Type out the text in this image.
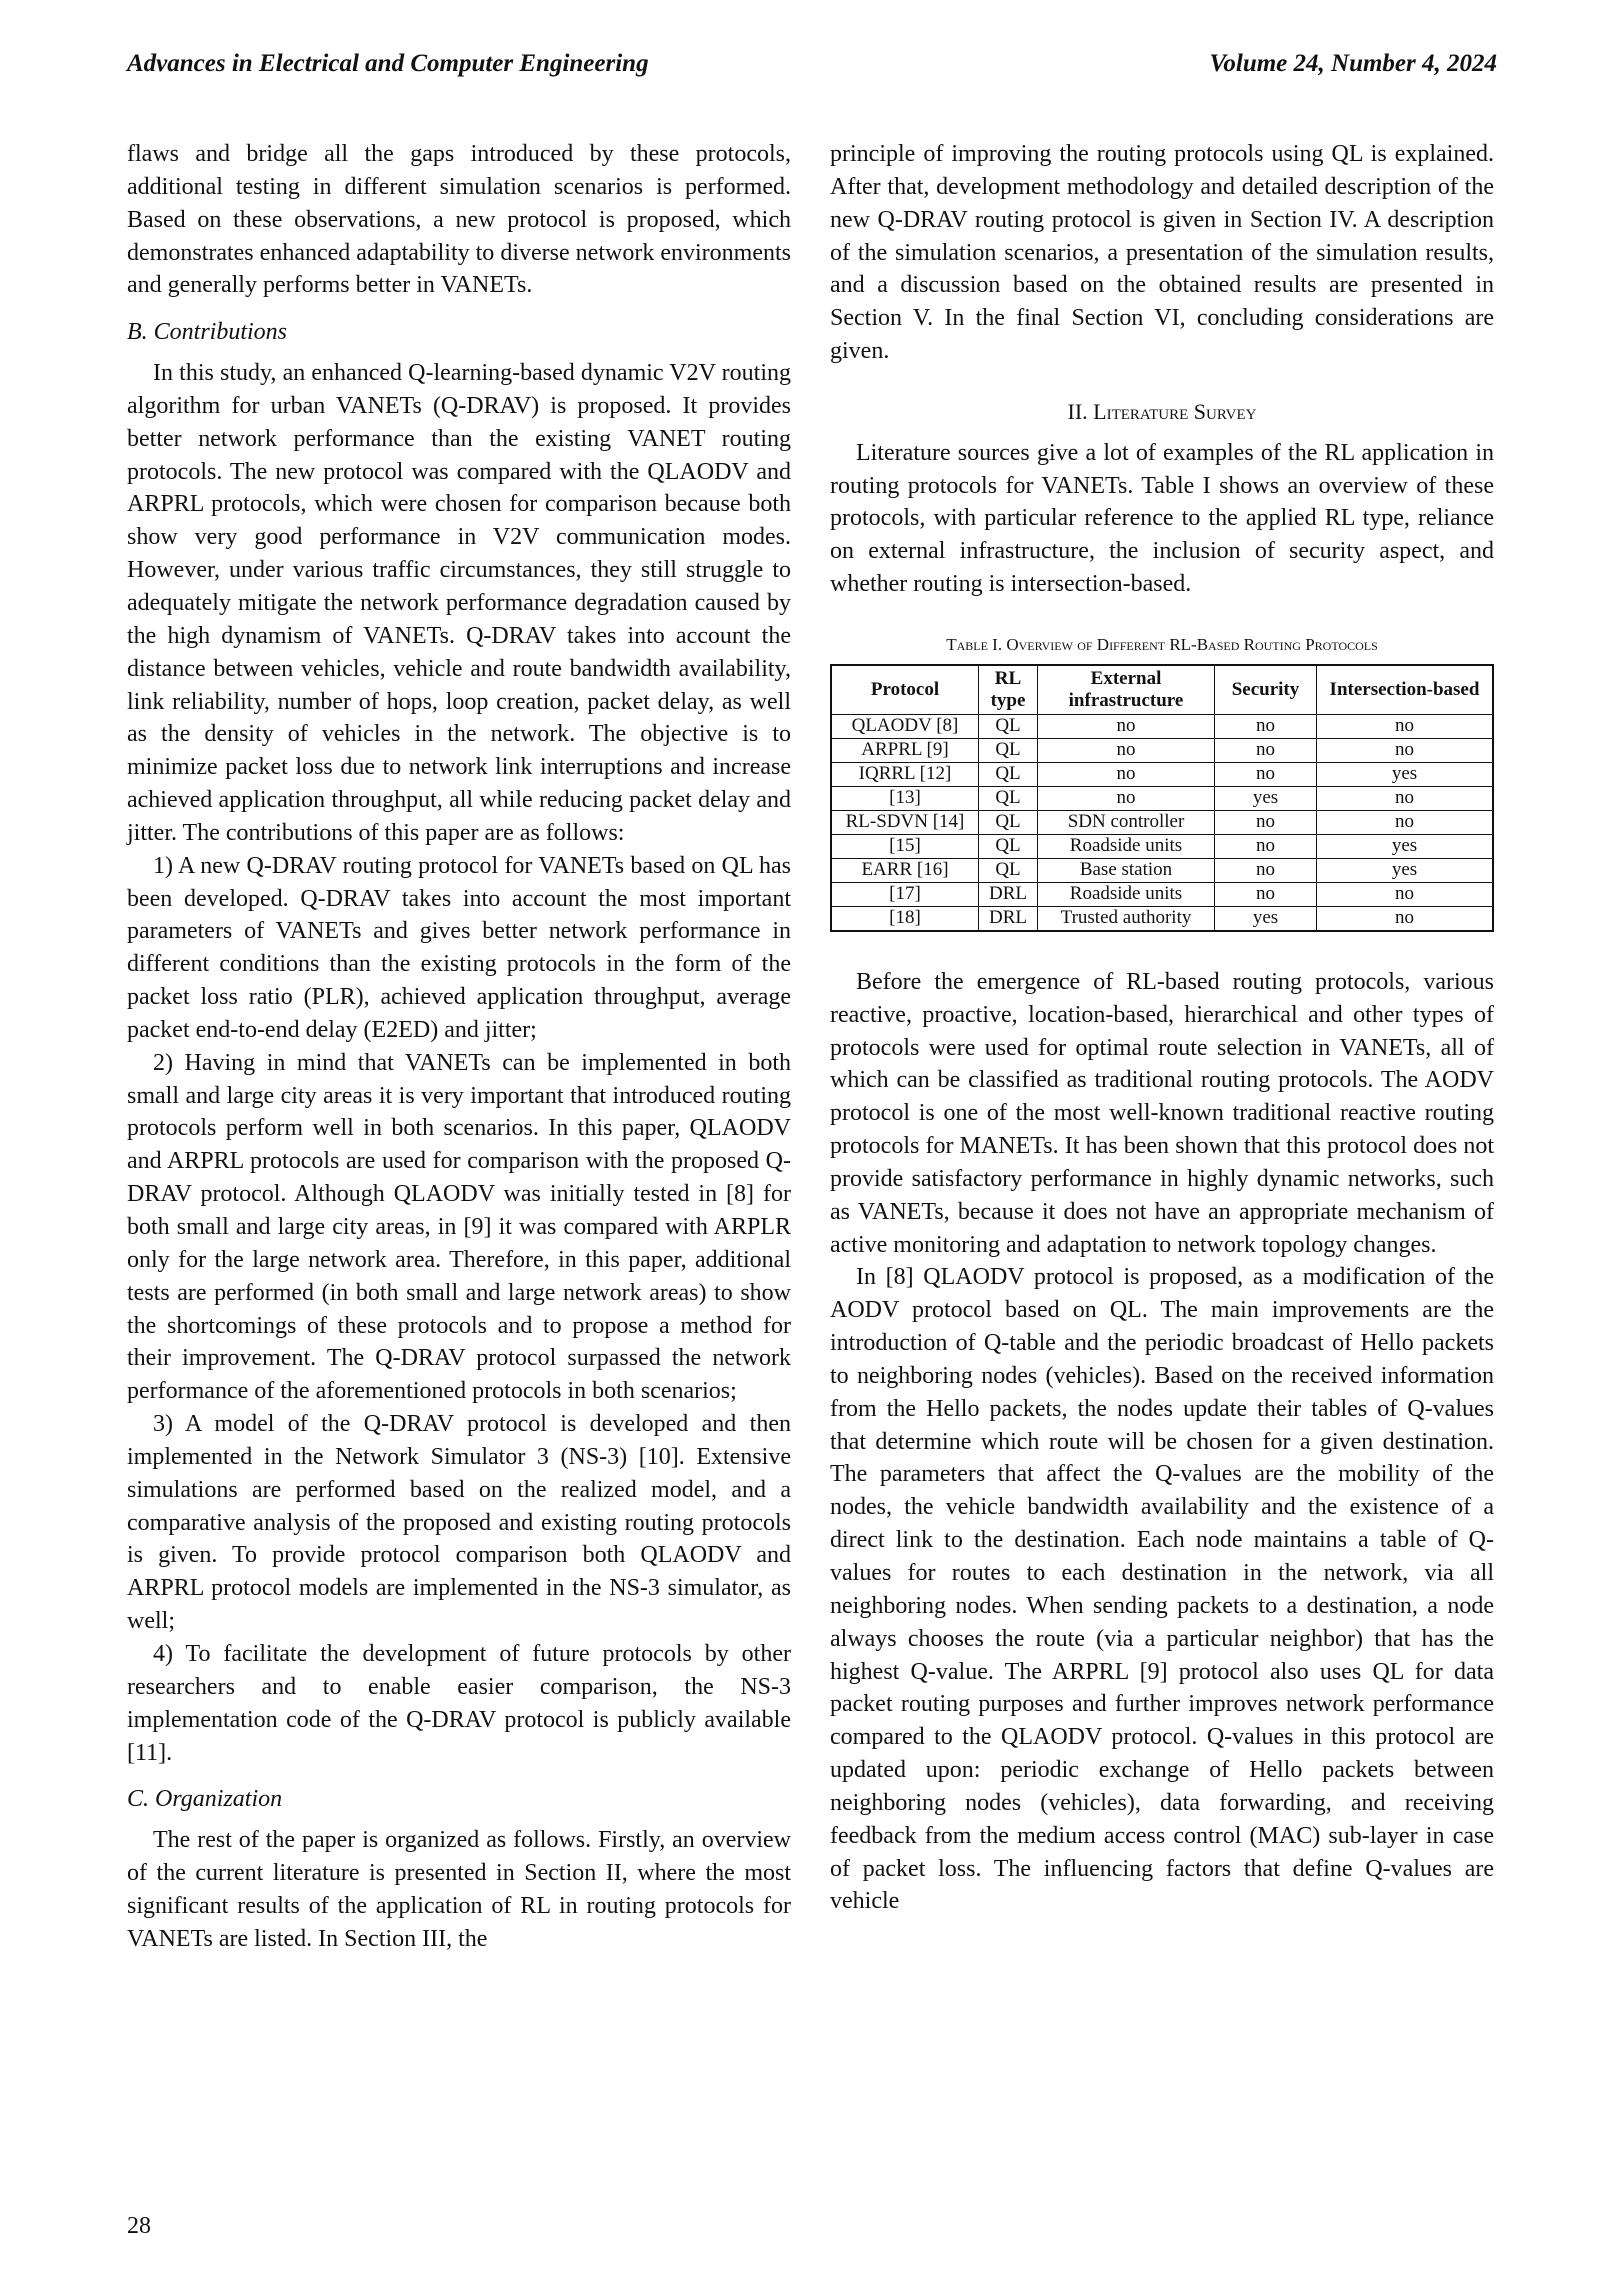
Advances in Electrical and Computer Engineering	Volume 24, Number 4, 2024

flaws and bridge all the gaps introduced by these protocols, additional testing in different simulation scenarios is performed. Based on these observations, a new protocol is proposed, which demonstrates enhanced adaptability to diverse network environments and generally performs better in VANETs.

B. Contributions

In this study, an enhanced Q-learning-based dynamic V2V routing algorithm for urban VANETs (Q-DRAV) is proposed. It provides better network performance than the existing VANET routing protocols. The new protocol was compared with the QLAODV and ARPRL protocols, which were chosen for comparison because both show very good performance in V2V communication modes. However, under various traffic circumstances, they still struggle to adequately mitigate the network performance degradation caused by the high dynamism of VANETs. Q-DRAV takes into account the distance between vehicles, vehicle and route bandwidth availability, link reliability, number of hops, loop creation, packet delay, as well as the density of vehicles in the network. The objective is to minimize packet loss due to network link interruptions and increase achieved application throughput, all while reducing packet delay and jitter. The contributions of this paper are as follows:

1) A new Q-DRAV routing protocol for VANETs based on QL has been developed. Q-DRAV takes into account the most important parameters of VANETs and gives better network performance in different conditions than the existing protocols in the form of the packet loss ratio (PLR), achieved application throughput, average packet end-to-end delay (E2ED) and jitter;

2) Having in mind that VANETs can be implemented in both small and large city areas it is very important that introduced routing protocols perform well in both scenarios. In this paper, QLAODV and ARPRL protocols are used for comparison with the proposed Q-DRAV protocol. Although QLAODV was initially tested in [8] for both small and large city areas, in [9] it was compared with ARPLR only for the large network area. Therefore, in this paper, additional tests are performed (in both small and large network areas) to show the shortcomings of these protocols and to propose a method for their improvement. The Q-DRAV protocol surpassed the network performance of the aforementioned protocols in both scenarios;

3) A model of the Q-DRAV protocol is developed and then implemented in the Network Simulator 3 (NS-3) [10]. Extensive simulations are performed based on the realized model, and a comparative analysis of the proposed and existing routing protocols is given. To provide protocol comparison both QLAODV and ARPRL protocol models are implemented in the NS-3 simulator, as well;

4) To facilitate the development of future protocols by other researchers and to enable easier comparison, the NS-3 implementation code of the Q-DRAV protocol is publicly available [11].

C. Organization

The rest of the paper is organized as follows. Firstly, an overview of the current literature is presented in Section II, where the most significant results of the application of RL in routing protocols for VANETs are listed. In Section III, the

principle of improving the routing protocols using QL is explained. After that, development methodology and detailed description of the new Q-DRAV routing protocol is given in Section IV. A description of the simulation scenarios, a presentation of the simulation results, and a discussion based on the obtained results are presented in Section V. In the final Section VI, concluding considerations are given.

II. Literature Survey

Literature sources give a lot of examples of the RL application in routing protocols for VANETs. Table I shows an overview of these protocols, with particular reference to the applied RL type, reliance on external infrastructure, the inclusion of security aspect, and whether routing is intersection-based.

Table I. Overview of Different RL-Based Routing Protocols
Protocol	RL type	External infrastructure	Security	Intersection-based
QLAODV [8]	QL	no	no	no
ARPRL [9]	QL	no	no	no
IQRRL [12]	QL	no	no	yes
[13]	QL	no	yes	no
RL-SDVN [14]	QL	SDN controller	no	no
[15]	QL	Roadside units	no	yes
EARR [16]	QL	Base station	no	yes
[17]	DRL	Roadside units	no	no
[18]	DRL	Trusted authority	yes	no

Before the emergence of RL-based routing protocols, various reactive, proactive, location-based, hierarchical and other types of protocols were used for optimal route selection in VANETs, all of which can be classified as traditional routing protocols. The AODV protocol is one of the most well-known traditional reactive routing protocols for MANETs. It has been shown that this protocol does not provide satisfactory performance in highly dynamic networks, such as VANETs, because it does not have an appropriate mechanism of active monitoring and adaptation to network topology changes.

In [8] QLAODV protocol is proposed, as a modification of the AODV protocol based on QL. The main improvements are the introduction of Q-table and the periodic broadcast of Hello packets to neighboring nodes (vehicles). Based on the received information from the Hello packets, the nodes update their tables of Q-values that determine which route will be chosen for a given destination. The parameters that affect the Q-values are the mobility of the nodes, the vehicle bandwidth availability and the existence of a direct link to the destination. Each node maintains a table of Q-values for routes to each destination in the network, via all neighboring nodes. When sending packets to a destination, a node always chooses the route (via a particular neighbor) that has the highest Q-value. The ARPRL [9] protocol also uses QL for data packet routing purposes and further improves network performance compared to the QLAODV protocol. Q-values in this protocol are updated upon: periodic exchange of Hello packets between neighboring nodes (vehicles), data forwarding, and receiving feedback from the medium access control (MAC) sub-layer in case of packet loss. The influencing factors that define Q-values are vehicle

28
